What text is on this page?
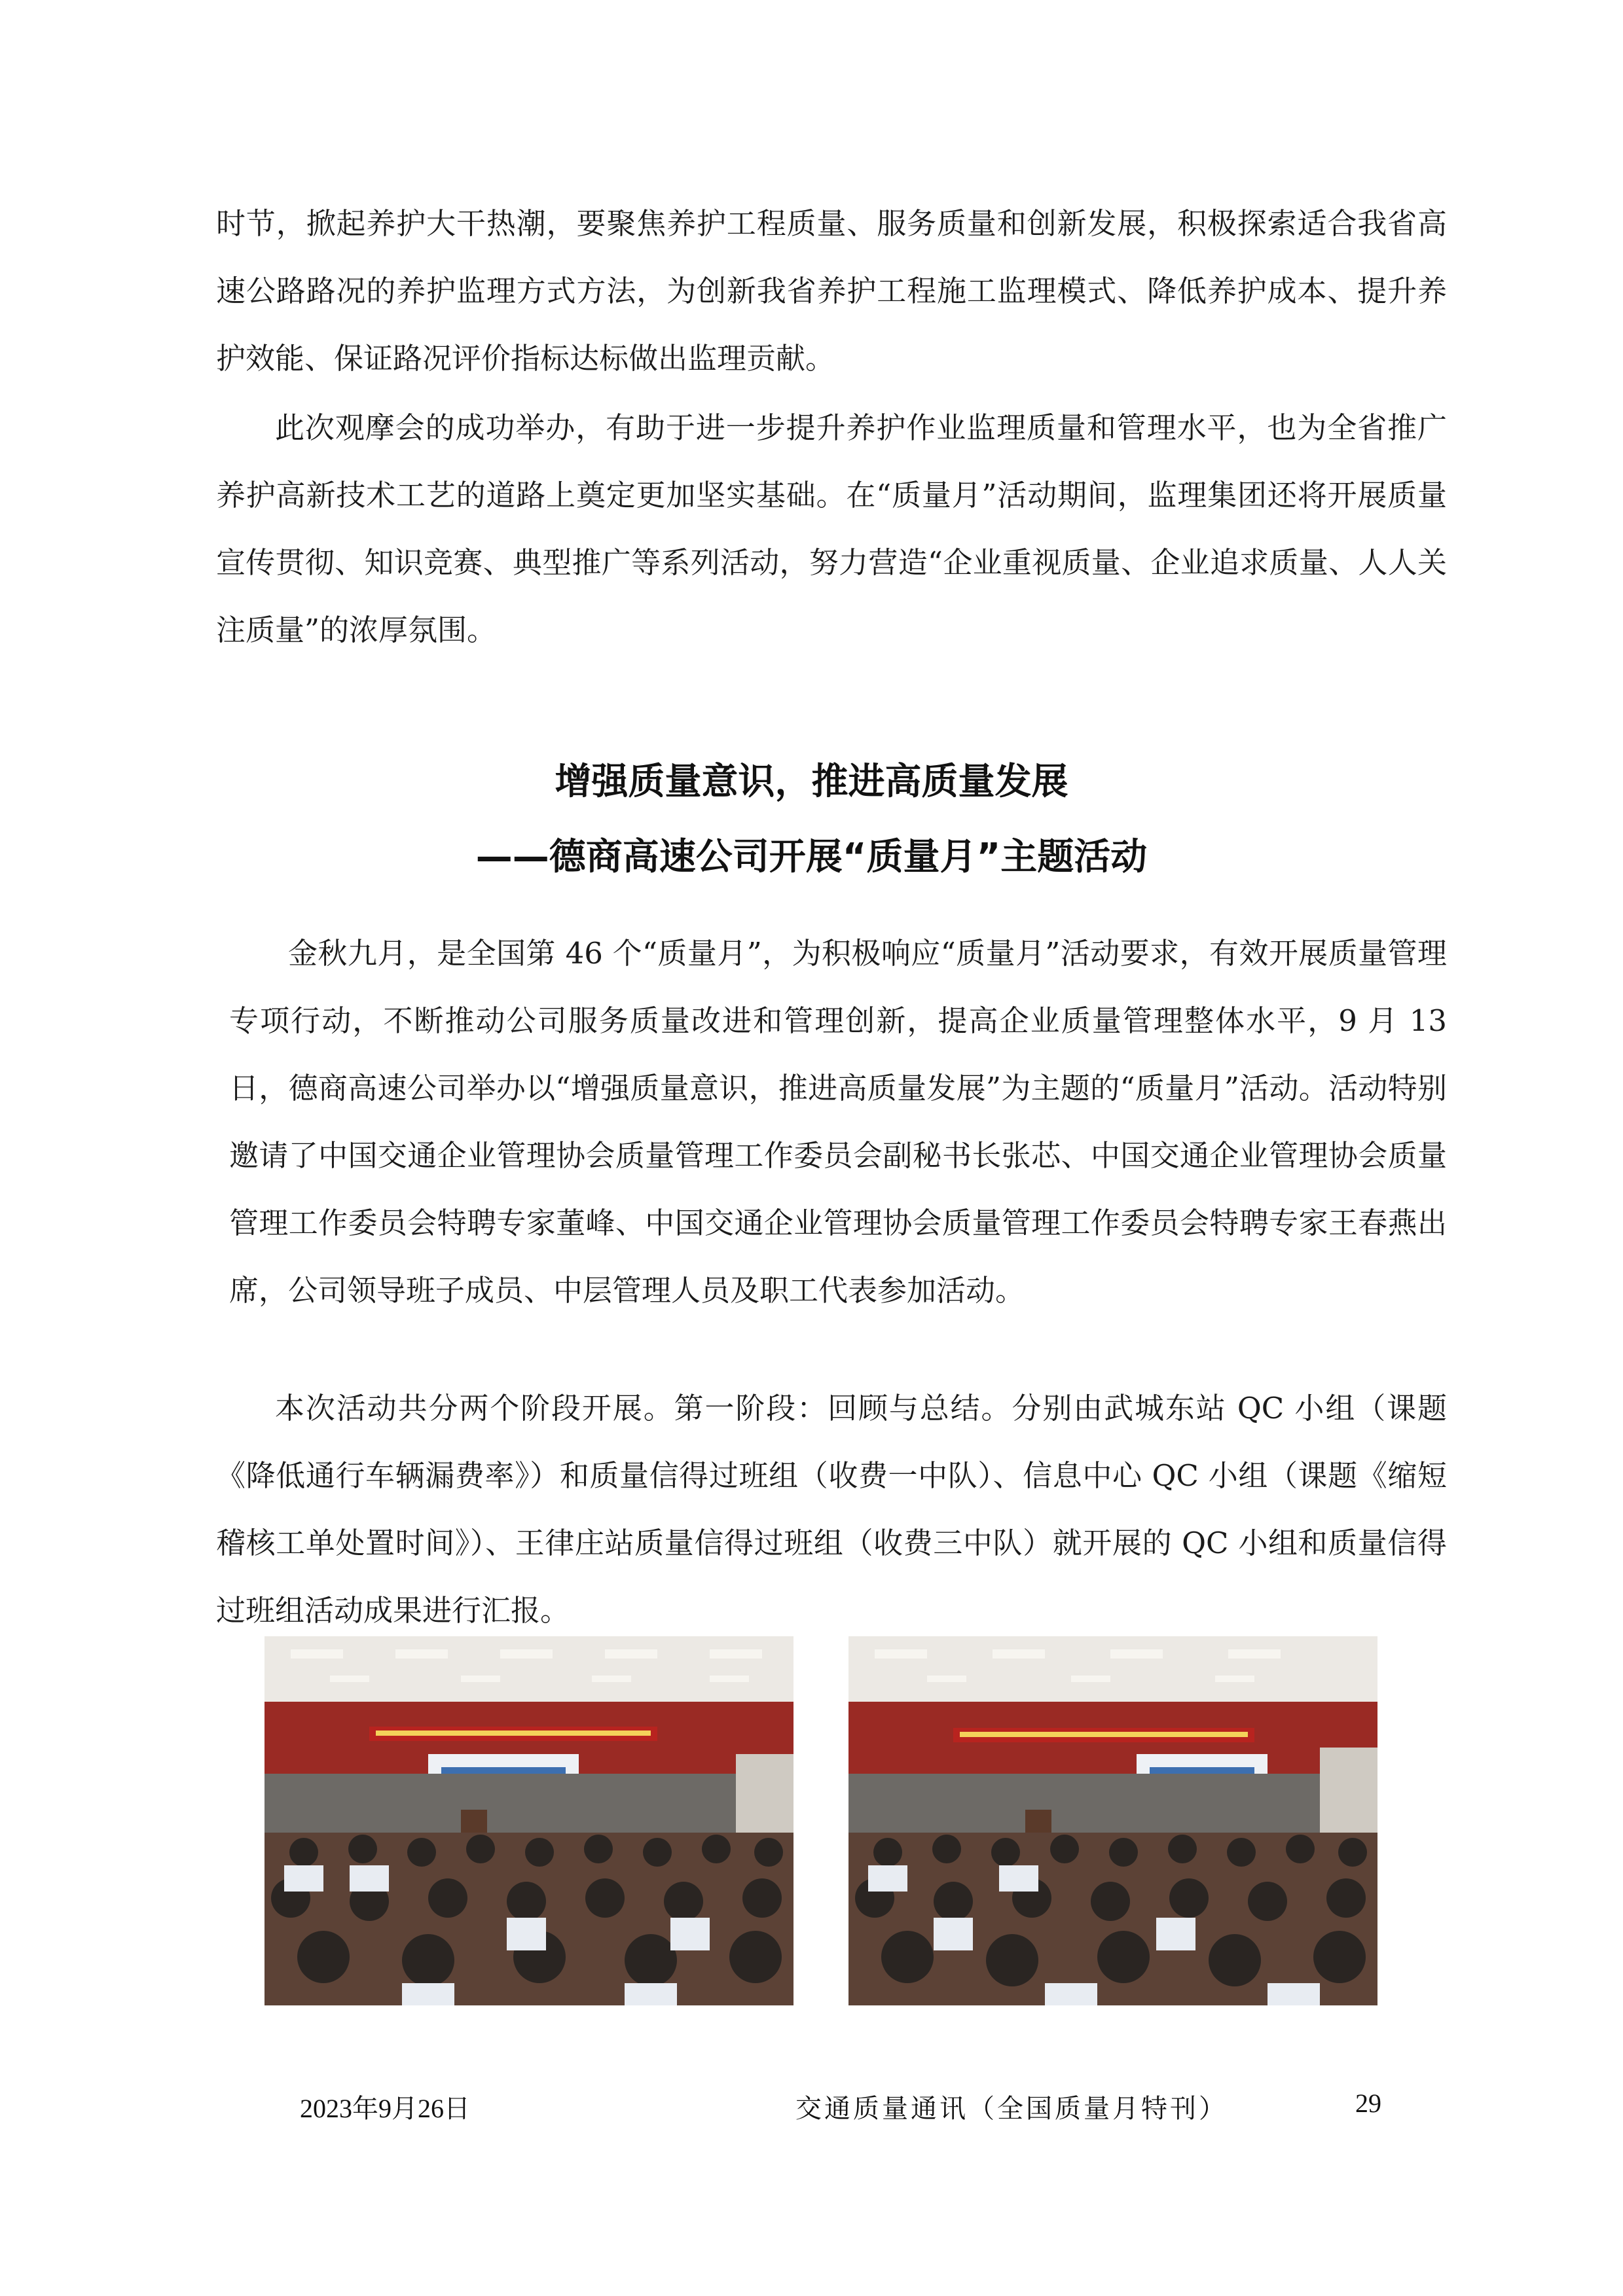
时节，掀起养护大干热潮，要聚焦养护工程质量、服务质量和创新发展，积极探索适合我省高速公路路况的养护监理方式方法，为创新我省养护工程施工监理模式、降低养护成本、提升养护效能、保证路况评价指标达标做出监理贡献。

此次观摩会的成功举办，有助于进一步提升养护作业监理质量和管理水平，也为全省推广养护高新技术工艺的道路上奠定更加坚实基础。在“质量月”活动期间，监理集团还将开展质量宣传贯彻、知识竞赛、典型推广等系列活动，努力营造“企业重视质量、企业追求质量、人人关注质量”的浓厚氛围。

增强质量意识，推进高质量发展
——德商高速公司开展“质量月”主题活动

金秋九月，是全国第 46 个“质量月”，为积极响应“质量月”活动要求，有效开展质量管理专项行动，不断推动公司服务质量改进和管理创新，提高企业质量管理整体水平，9 月 13 日，德商高速公司举办以“增强质量意识，推进高质量发展”为主题的“质量月”活动。活动特别邀请了中国交通企业管理协会质量管理工作委员会副秘书长张芯、中国交通企业管理协会质量管理工作委员会特聘专家董峰、中国交通企业管理协会质量管理工作委员会特聘专家王春燕出席，公司领导班子成员、中层管理人员及职工代表参加活动。

本次活动共分两个阶段开展。第一阶段：回顾与总结。分别由武城东站 QC 小组（课题《降低通行车辆漏费率》）和质量信得过班组（收费一中队）、信息中心 QC 小组（课题《缩短稽核工单处置时间》）、王律庄站质量信得过班组（收费三中队）就开展的 QC 小组和质量信得过班组活动成果进行汇报。

2023年9月26日	交通质量通讯（全国质量月特刊）	29
